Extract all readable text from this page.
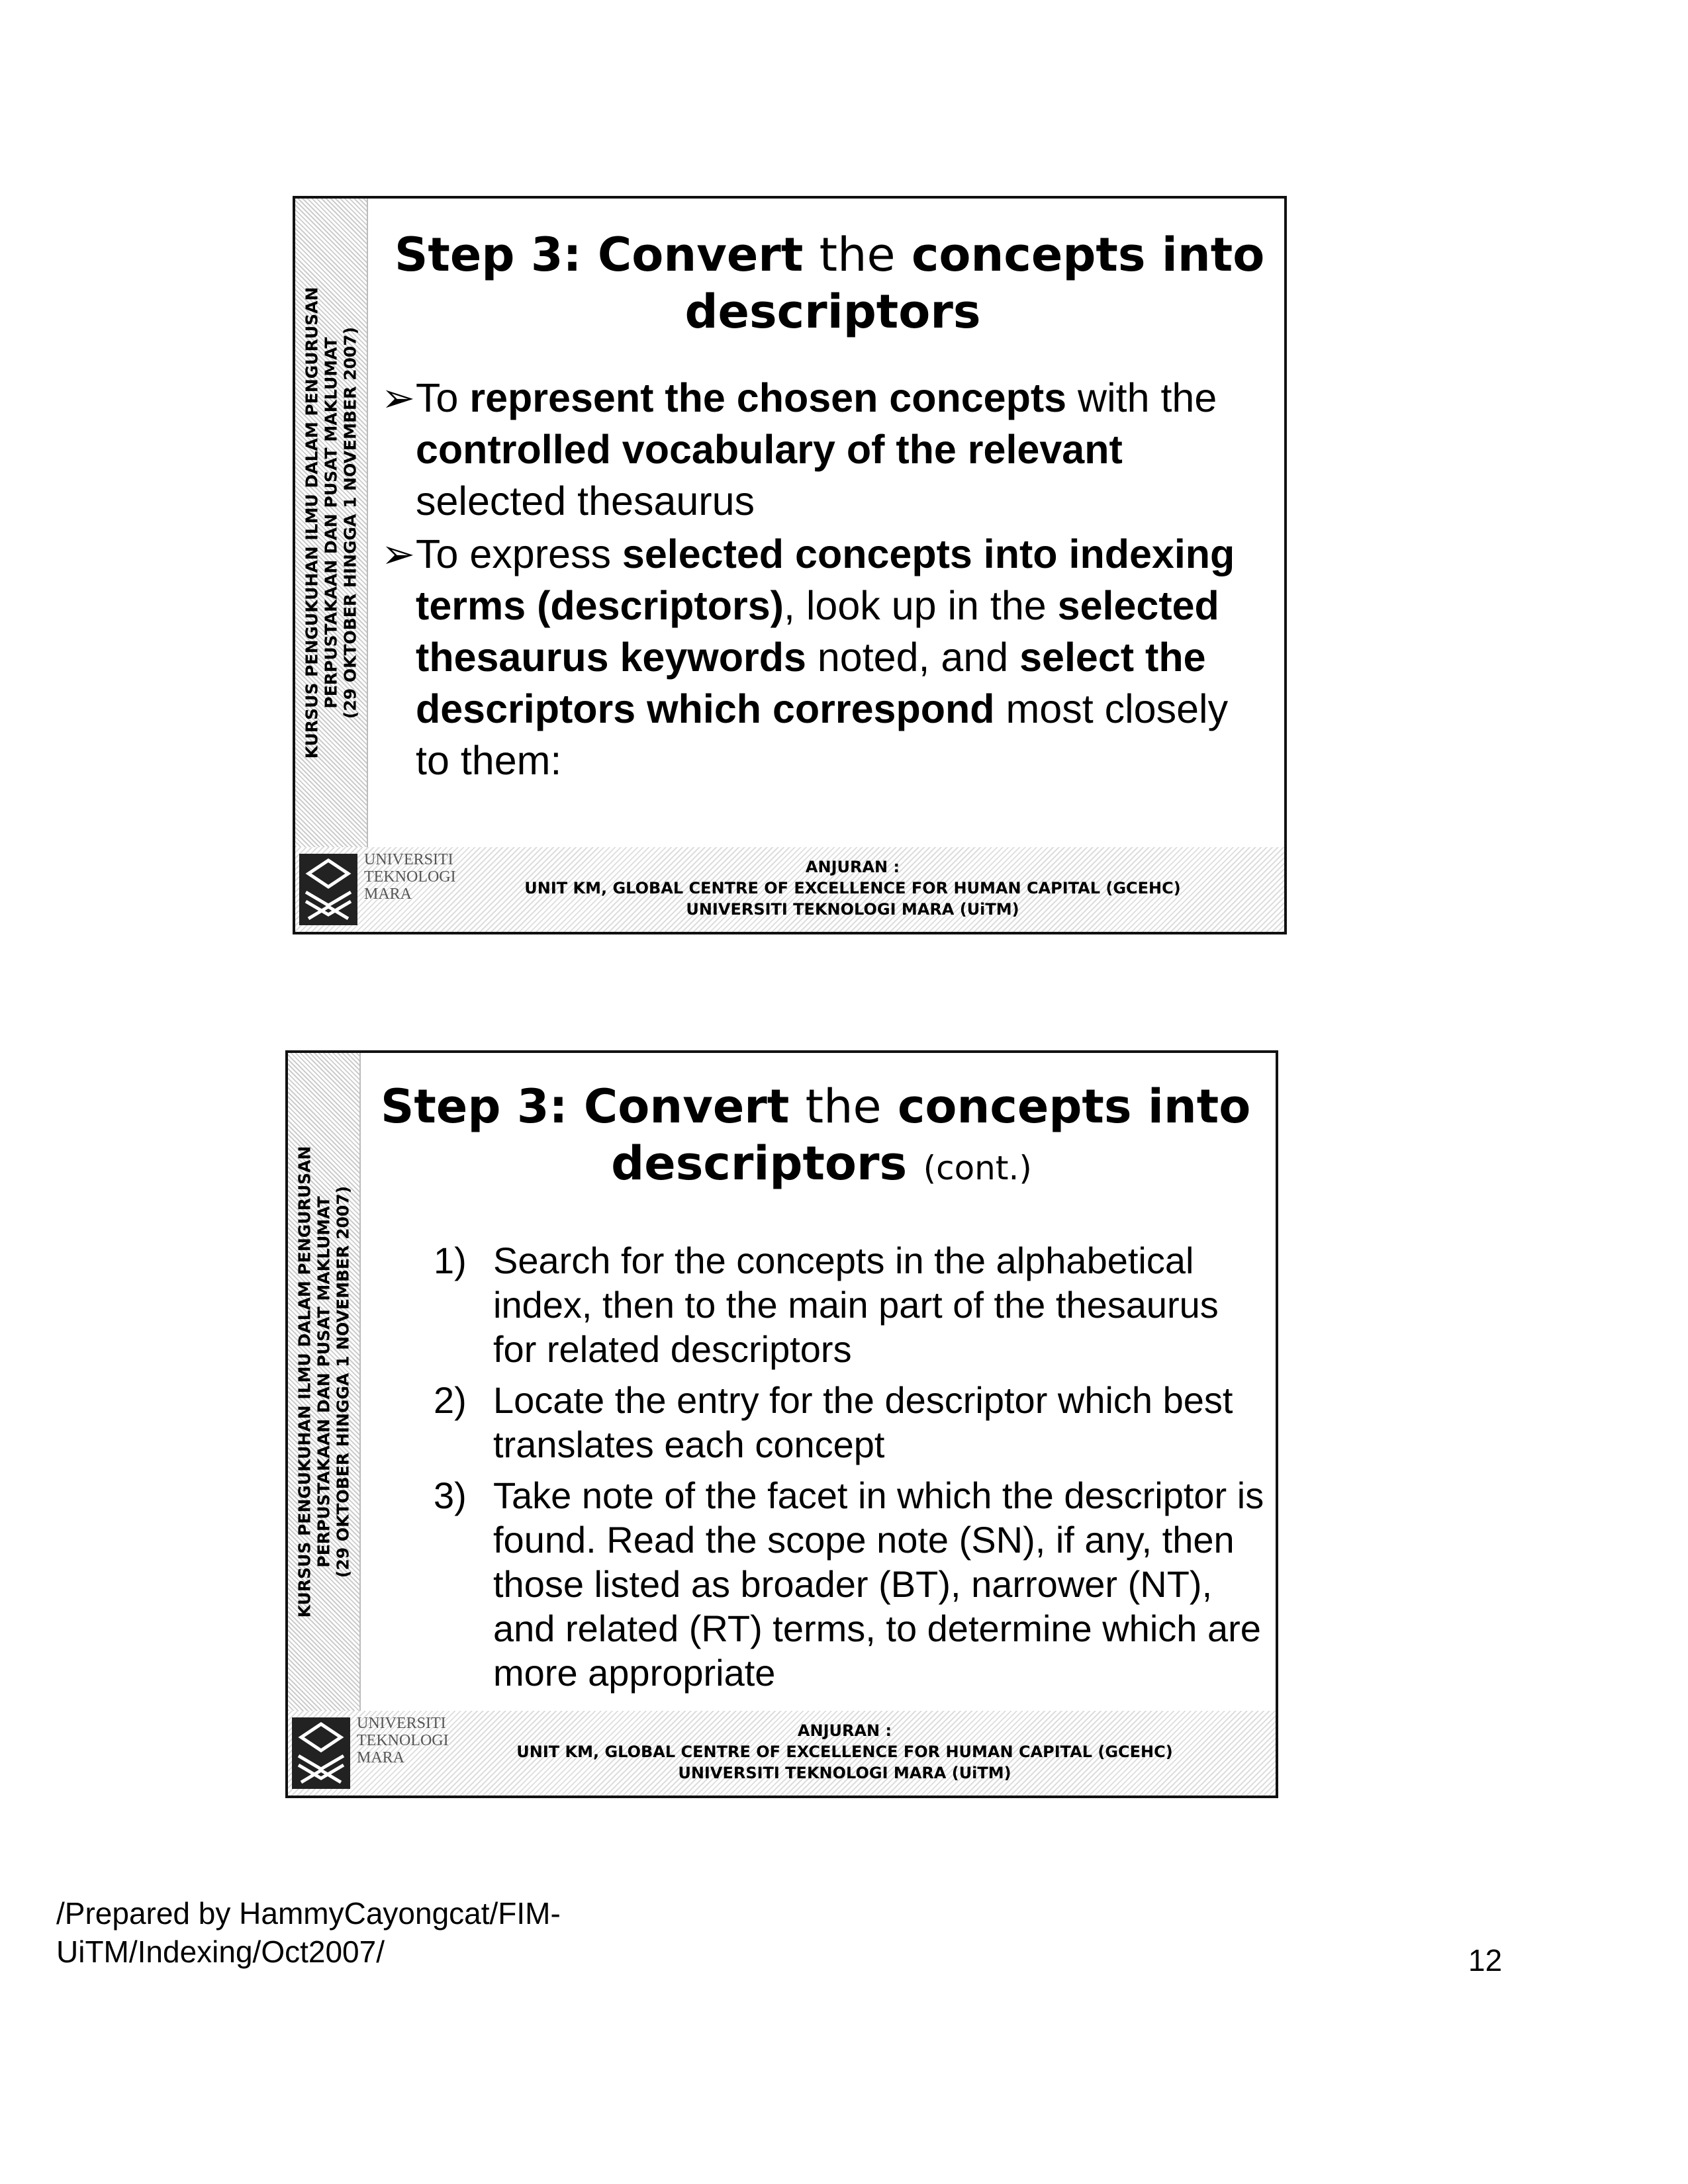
KURSUS PENGUKUHAN ILMU DALAM PENGURUSAN PERPUSTAKAAN DAN PUSAT MAKLUMAT (29 OKTOBER HINGGA 1 NOVEMBER 2007)
UNIVERSITI
TEKNOLOGI
MARA
ANJURAN :
UNIT KM, GLOBAL CENTRE OF EXCELLENCE FOR HUMAN CAPITAL (GCEHC)
UNIVERSITI TEKNOLOGI MARA (UiTM)
Step 3: Convert the concepts into
descriptors

➢To represent the chosen concepts with the controlled vocabulary of the relevant selected thesaurus

➢To express selected concepts into indexing terms (descriptors), look up in the selected thesaurus keywords noted, and select the descriptors which correspond most closely to them:

KURSUS PENGUKUHAN ILMU DALAM PENGURUSAN PERPUSTAKAAN DAN PUSAT MAKLUMAT (29 OKTOBER HINGGA 1 NOVEMBER 2007)
UNIVERSITI
TEKNOLOGI
MARA
ANJURAN :
UNIT KM, GLOBAL CENTRE OF EXCELLENCE FOR HUMAN CAPITAL (GCEHC)
UNIVERSITI TEKNOLOGI MARA (UiTM)
Step 3: Convert the concepts into
descriptors (cont.)

1) Search for the concepts in the alphabetical index, then to the main part of the thesaurus for related descriptors

2) Locate the entry for the descriptor which best translates each concept

3) Take note of the facet in which the descriptor is found. Read the scope note (SN), if any, then those listed as broader (BT), narrower (NT), and related (RT) terms, to determine which are more appropriate

/Prepared by HammyCayongcat/FIM-
UiTM/Indexing/Oct2007/	12
